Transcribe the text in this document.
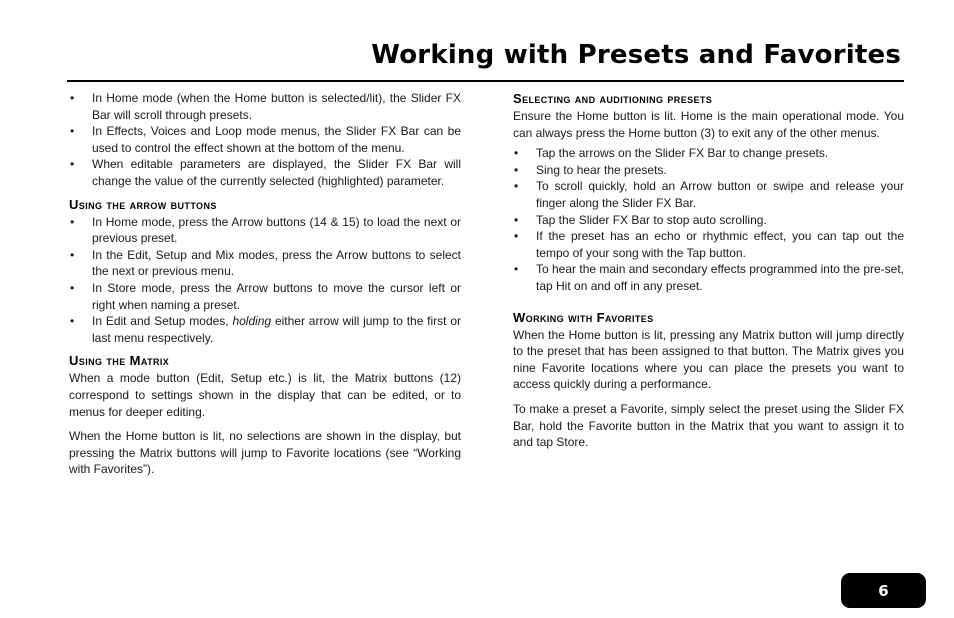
Working with Presets and Favorites
• In Home mode (when the Home button is selected/lit), the Slider FX Bar will scroll through presets.
• In Effects, Voices and Loop mode menus, the Slider FX Bar can be used to control the effect shown at the bottom of the menu.
• When editable parameters are displayed, the Slider FX Bar will change the value of the currently selected (highlighted) parameter.
Using the arrow buttons
• In Home mode, press the Arrow buttons (14 & 15) to load the next or previous preset.
• In the Edit, Setup and Mix modes, press the Arrow buttons to select the next or previous menu.
• In Store mode, press the Arrow buttons to move the cursor left or right when naming a preset.
• In Edit and Setup modes, holding either arrow will jump to the first or last menu respectively.
Using the Matrix

When a mode button (Edit, Setup etc.) is lit, the Matrix buttons (12) correspond to settings shown in the display that can be edited, or to menus for deeper editing.

When the Home button is lit, no selections are shown in the display, but pressing the Matrix buttons will jump to Favorite locations (see “Working with Favorites”).

Selecting and auditioning presets

Ensure the Home button is lit. Home is the main operational mode. You can always press the Home button (3) to exit any of the other menus.

• Tap the arrows on the Slider FX Bar to change presets.
• Sing to hear the presets.
• To scroll quickly, hold an Arrow button or swipe and release your finger along the Slider FX Bar.
• Tap the Slider FX Bar to stop auto scrolling.
• If the preset has an echo or rhythmic effect, you can tap out the tempo of your song with the Tap button.
• To hear the main and secondary effects programmed into the pre-set, tap Hit on and off in any preset.
Working with Favorites

When the Home button is lit, pressing any Matrix button will jump directly to the preset that has been assigned to that button. The Matrix gives you nine Favorite locations where you can place the presets you want to access quickly during a performance.

To make a preset a Favorite, simply select the preset using the Slider FX Bar, hold the Favorite button in the Matrix that you want to assign it to and tap Store.

6
